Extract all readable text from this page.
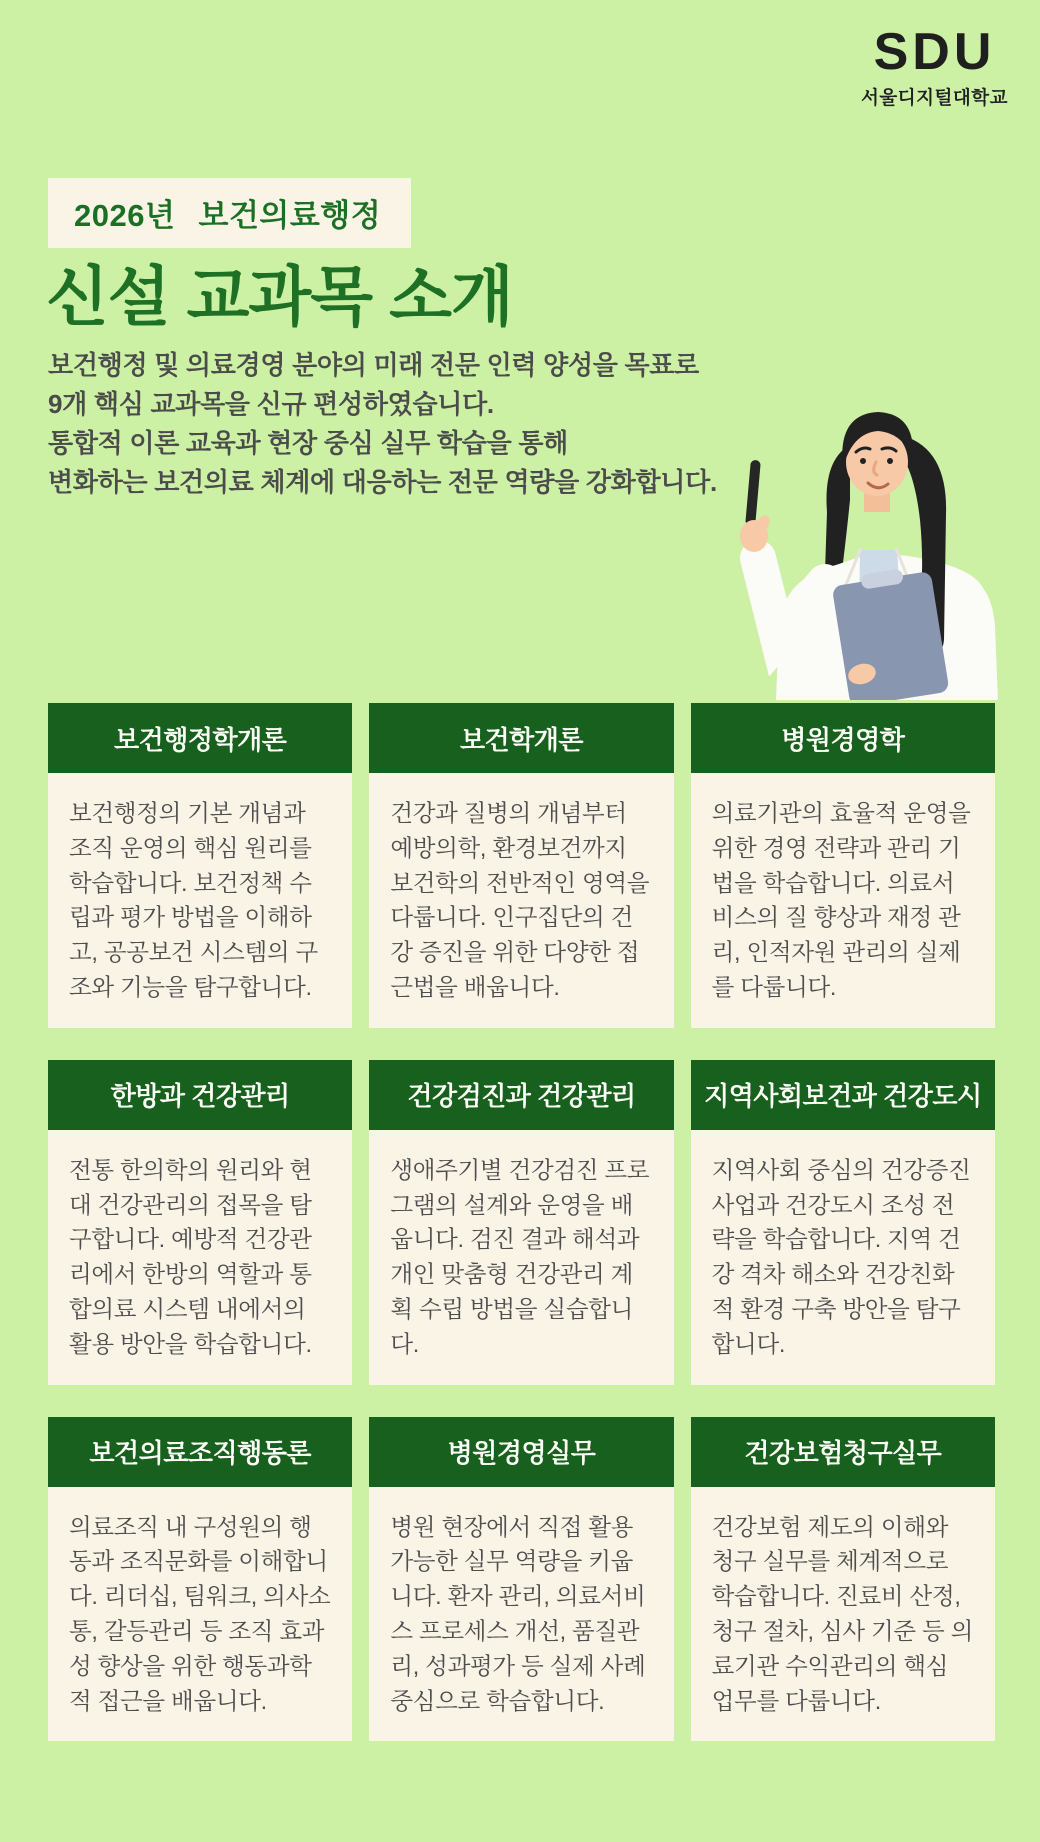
SDU
서울디지털대학교
2026년 보건의료행정
신설 교과목 소개
보건행정 및 의료경영 분야의 미래 전문 인력 양성을 목표로
9개 핵심 교과목을 신규 편성하였습니다.
통합적 이론 교육과 현장 중심 실무 학습을 통해
변화하는 보건의료 체계에 대응하는 전문 역량을 강화합니다.
보건행정학개론
보건행정의 기본 개념과 조직 운영의 핵심 원리를 학습합니다. 보건정책 수립과 평가 방법을 이해하고, 공공보건 시스템의 구조와 기능을 탐구합니다.
보건학개론
건강과 질병의 개념부터 예방의학, 환경보건까지 보건학의 전반적인 영역을 다룹니다. 인구집단의 건강 증진을 위한 다양한 접근법을 배웁니다.
병원경영학
의료기관의 효율적 운영을 위한 경영 전략과 관리 기법을 학습합니다. 의료서비스의 질 향상과 재정 관리, 인적자원 관리의 실제를 다룹니다.
한방과 건강관리
전통 한의학의 원리와 현대 건강관리의 접목을 탐구합니다. 예방적 건강관리에서 한방의 역할과 통합의료 시스템 내에서의 활용 방안을 학습합니다.
건강검진과 건강관리
생애주기별 건강검진 프로그램의 설계와 운영을 배웁니다. 검진 결과 해석과 개인 맞춤형 건강관리 계획 수립 방법을 실습합니다.
지역사회보건과 건강도시
지역사회 중심의 건강증진 사업과 건강도시 조성 전략을 학습합니다. 지역 건강 격차 해소와 건강친화적 환경 구축 방안을 탐구합니다.
보건의료조직행동론
의료조직 내 구성원의 행동과 조직문화를 이해합니다. 리더십, 팀워크, 의사소통, 갈등관리 등 조직 효과성 향상을 위한 행동과학적 접근을 배웁니다.
병원경영실무
병원 현장에서 직접 활용 가능한 실무 역량을 키웁니다. 환자 관리, 의료서비스 프로세스 개선, 품질관리, 성과평가 등 실제 사례 중심으로 학습합니다.
건강보험청구실무
건강보험 제도의 이해와 청구 실무를 체계적으로 학습합니다. 진료비 산정, 청구 절차, 심사 기준 등 의료기관 수익관리의 핵심 업무를 다룹니다.
